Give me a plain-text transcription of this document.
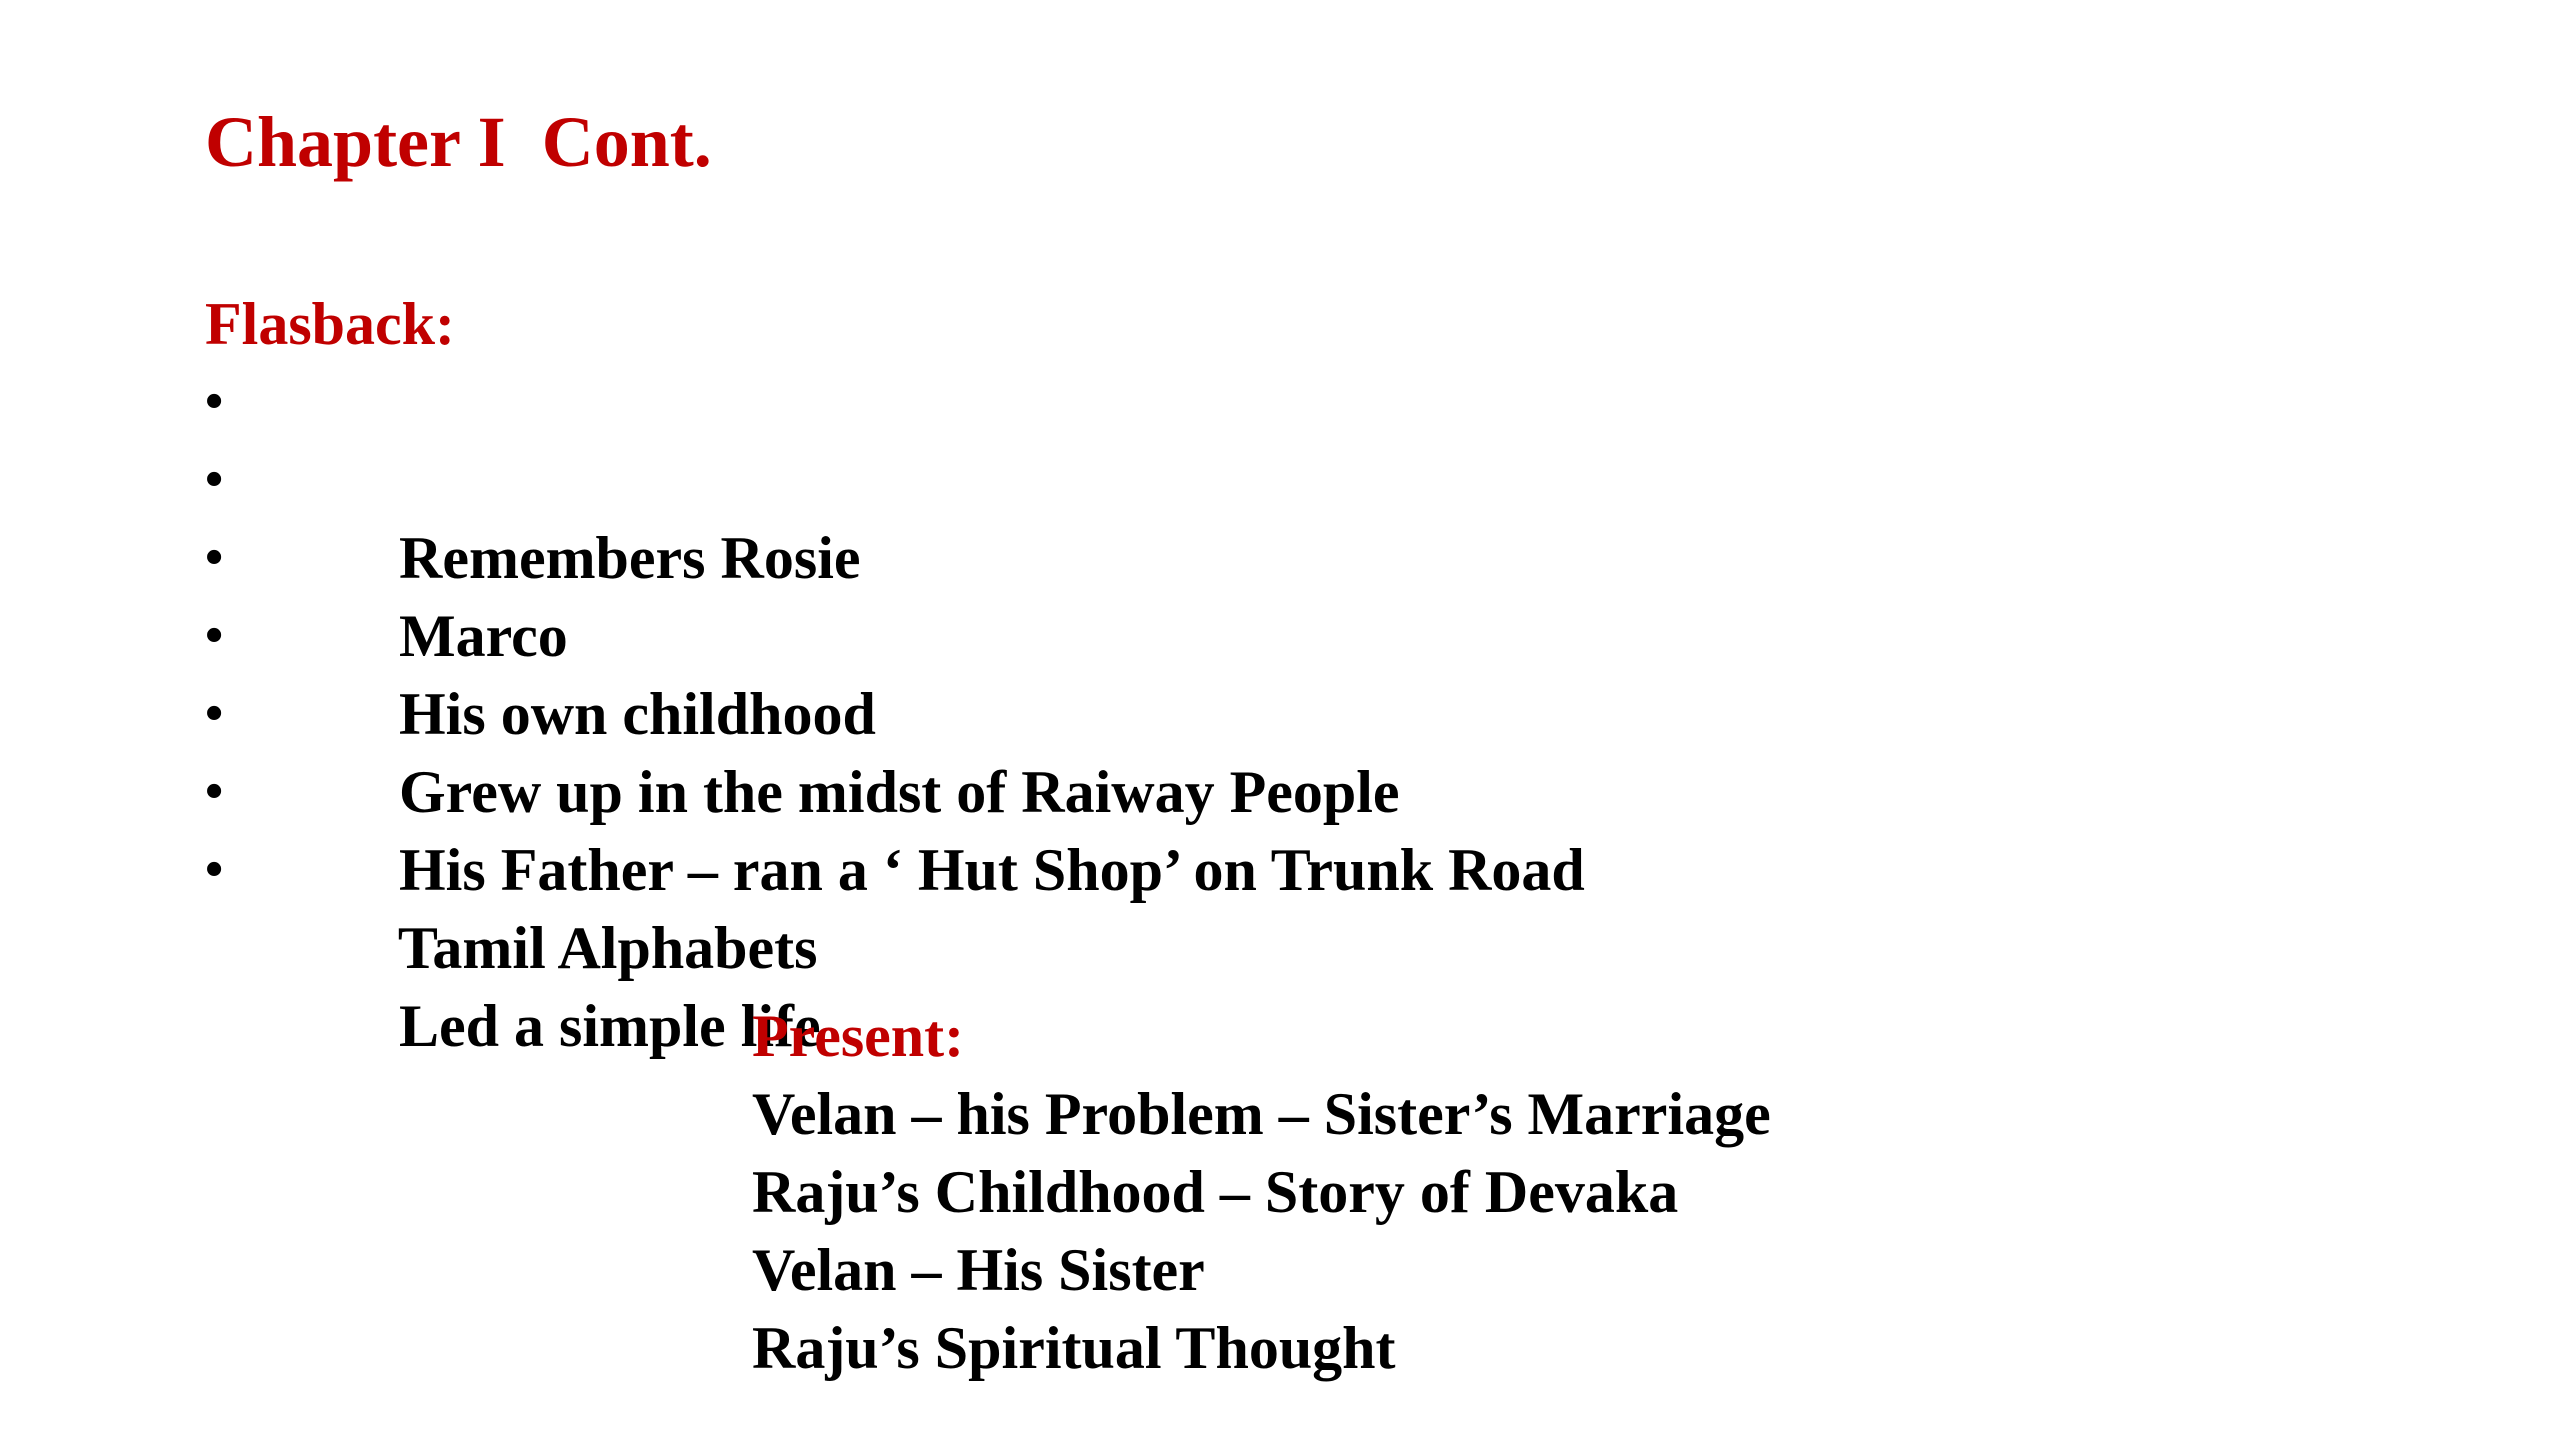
Chapter I  Cont.
Flasback:

•

Remembers Rosie

•

Marco

•

His own childhood

•

Grew up in the midst of Raiway People

•

His Father – ran a ‘ Hut Shop’ on Trunk Road

•

Tamil Alphabets

•

Led a simple life

Present:
Velan – his Problem – Sister’s Marriage
Raju’s Childhood – Story of Devaka
Velan – His Sister
Raju’s Spiritual Thought
